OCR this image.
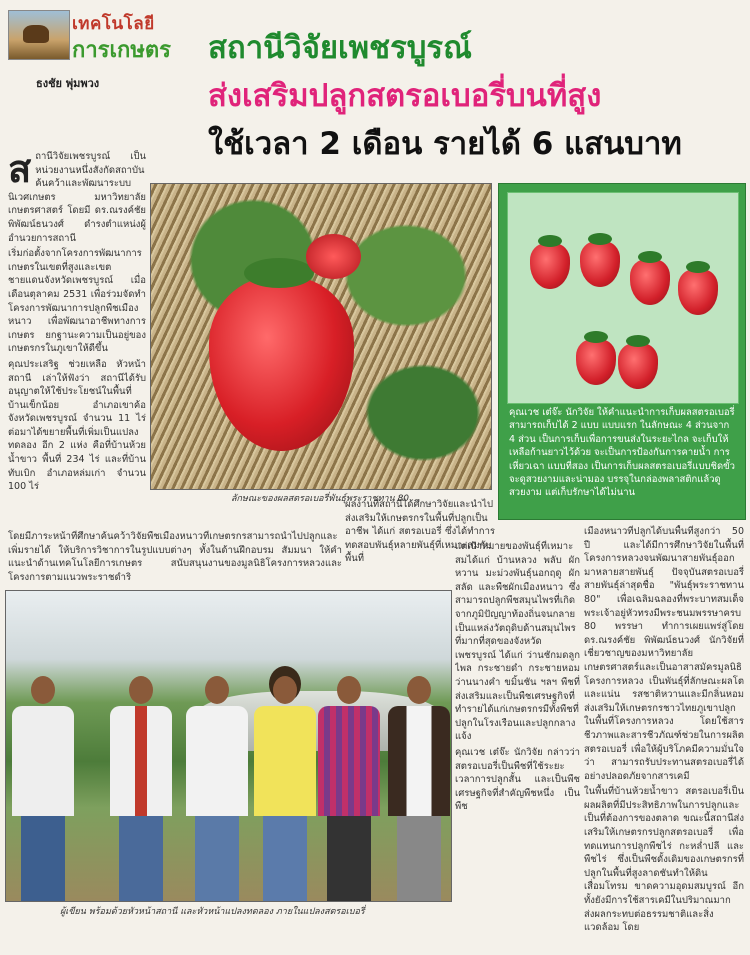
เทคโนโลยี
การเกษตร
ธงชัย พุ่มพวง
สถานีวิจัยเพชรบูรณ์
ส่งเสริมปลูกสตรอเบอรี่บนที่สูง
ใช้เวลา 2 เดือน รายได้ 6 แสนบาท
ส ถานีวิจัยเพชรบูรณ์ เป็นหน่วยงานหนึ่งสังกัดสถาบันค้นคว้าและพัฒนาระบบนิเวศเกษตร มหาวิทยาลัยเกษตรศาสตร์ โดยมี ดร.ณรงค์ชัย พิพัฒน์ธนวงศ์ ดำรงตำแหน่งผู้อำนวยการสถานี

เริ่มก่อตั้งจากโครงการพัฒนาการเกษตรในเขตที่สูงและเขตชายแดนจังหวัดเพชรบูรณ์ เมื่อเดือนตุลาคม 2531 เพื่อร่วมจัดทำโครงการพัฒนาการปลูกพืชเมืองหนาว เพื่อพัฒนาอาชีพทางการเกษตร ยกฐานะความเป็นอยู่ของเกษตรกรในภูเขาให้ดีขึ้น

คุณประเสริฐ ช่วยเหลือ หัวหน้าสถานี เล่าให้ฟังว่า สถานีได้รับอนุญาตให้ใช้ประโยชน์ในพื้นที่บ้านเข็กน้อย อำเภอเขาค้อ จังหวัดเพชรบูรณ์ จำนวน 11 ไร่ ต่อมาได้ขยายพื้นที่เพิ่มเป็นแปลงทดลอง อีก 2 แห่ง คือที่บ้านห้วยน้ำขาว พื้นที่ 234 ไร่ และที่บ้านทับเบิก อำเภอหล่มเก่า จำนวน 100 ไร่

โดยมีภาระหน้าที่ศึกษาค้นคว้าวิจัยพืชเมืองหนาวที่เกษตรกรสามารถนำไปปลูกและเพิ่มรายได้ ให้บริการวิชาการในรูปแบบต่างๆ ทั้งในด้านฝึกอบรม สัมมนา ให้คำแนะนำด้านเทคโนโลยีการเกษตร สนับสนุนงานของมูลนิธิโครงการหลวงและโครงการตามแนวพระราชดำริ

ลักษณะของผลสตรอเบอรี่พันธุ์พระราชทาน 80
คุณเวช เต๋จ๊ะ นักวิจัย ให้คำแนะนำการเก็บผลสตรอเบอรี่ สามารถเก็บได้ 2 แบบ แบบแรก ในลักษณะ 4 ส่วนจาก 4 ส่วน เป็นการเก็บเพื่อการขนส่งในระยะไกล จะเก็บให้เหลือก้านยาวไว้ด้วย จะเป็นการป้องกันการคายน้ำ การเหี่ยวเฉา แบบที่สอง เป็นการเก็บผลสตรอเบอรี่แบบชิดขั้ว จะดูสวยงามและน่ามอง บรรจุในกล่องพลาสติกแล้วดูสวยงาม แต่เก็บรักษาได้ไม่นาน

ผลงานที่สถานีได้ศึกษาวิจัยและนำไปส่งเสริมให้เกษตรกรในพื้นที่ปลูกเป็นอาชีพ ได้แก่ สตรอเบอรี่ ซึ่งได้ทำการทดสอบพันธุ์หลายพันธุ์ที่เหมาะสมกับพื้นที่

ผู้เขียน พร้อมด้วยหัวหน้าสถานี และหัวหน้าแปลงทดลอง ภายในแปลงสตรอเบอรี่

แต่เป้าหมายของพันธุ์ที่เหมาะสมได้แก่ บ้านหลวง พลับ ผักหวาน มะม่วงพันธุ์นอกฤดู ผักสลัด และพืชผักเมืองหนาว ซึ่งสามารถปลูกพืชสมุนไพรที่เกิดจากภูมิปัญญาท้องถิ่นจนกลายเป็นแหล่งวัตถุดิบด้านสมุนไพรที่มากที่สุดของจังหวัดเพชรบูรณ์ ได้แก่ ว่านชักมดลูก ไพล กระชายดำ กระชายหอม ว่านนางคำ ขมิ้นชัน ฯลฯ พืชที่ส่งเสริมและเป็นพืชเศรษฐกิจที่ทำรายได้แก่เกษตรกรมีทั้งพืชที่ปลูกในโรงเรือนและปลูกกลางแจ้ง

คุณเวช เต๋จ๊ะ นักวิจัย กล่าวว่า สตรอเบอรี่เป็นพืชที่ใช้ระยะเวลาการปลูกสั้น และเป็นพืชเศรษฐกิจที่สำคัญพืชหนึ่ง เป็นพืช

เมืองหนาวที่ปลูกได้บนพื้นที่สูงกว่า 50 ปี และได้มีการศึกษาวิจัยในพื้นที่โครงการหลวงจนพัฒนาสายพันธุ์ออกมาหลายสายพันธุ์ ปัจจุบันสตรอเบอรี่สายพันธุ์ล่าสุดชื่อ "พันธุ์พระราชทาน 80" เพื่อเฉลิมฉลองที่พระบาทสมเด็จพระเจ้าอยู่หัวทรงมีพระชนมพรรษาครบ 80 พรรษา ทำการเผยแพร่สู่โดย ดร.ณรงค์ชัย พิพัฒน์ธนวงศ์ นักวิจัยที่เชี่ยวชาญของมหาวิทยาลัยเกษตรศาสตร์และเป็นอาสาสมัครมูลนิธิโครงการหลวง เป็นพันธุ์ที่ลักษณะผลโตและแน่น รสชาติหวานและมีกลิ่นหอม ส่งเสริมให้เกษตรกรชาวไทยภูเขาปลูกในพื้นที่โครงการหลวง โดยใช้สารชีวภาพและสารชีวภัณฑ์ช่วยในการผลิตสตรอเบอรี่ เพื่อให้ผู้บริโภคมีความมั่นใจว่า สามารถรับประทานสตรอเบอรี่ได้อย่างปลอดภัยจากสารเคมี

ในพื้นที่บ้านห้วยน้ำขาว สตรอเบอรี่เป็นผลผลิตที่มีประสิทธิภาพในการปลูกและเป็นที่ต้องการของตลาด ขณะนี้สถานีส่งเสริมให้เกษตรกรปลูกสตรอเบอรี่ เพื่อทดแทนการปลูกพืชไร่ กะหล่ำปลี และพืชไร่ ซึ่งเป็นพืชดั้งเดิมของเกษตรกรที่ปลูกในพื้นที่สูงลาดชันทำให้ดินเสื่อมโทรม ขาดความอุดมสมบูรณ์ อีกทั้งยังมีการใช้สารเคมีในปริมาณมาก ส่งผลกระทบต่อธรรมชาติและสิ่งแวดล้อม โดย
